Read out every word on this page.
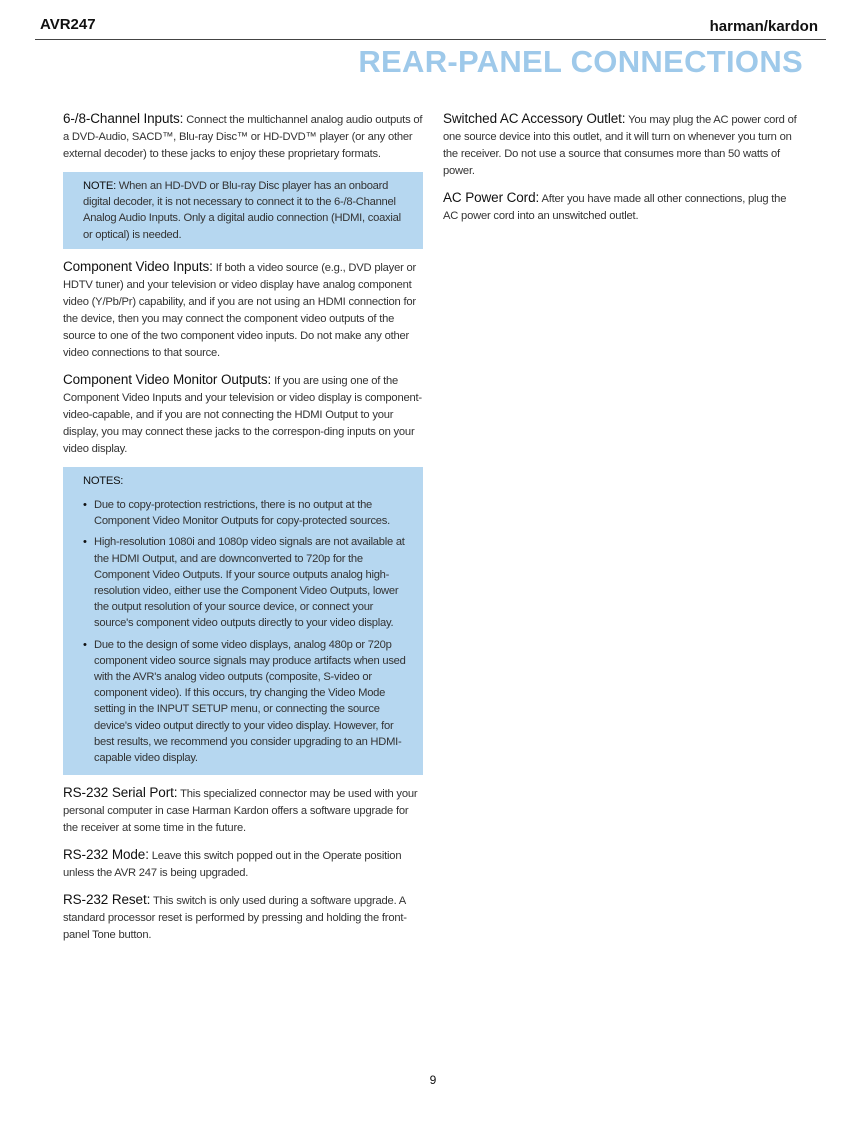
AVR247	harman/kardon
REAR-PANEL CONNECTIONS

6-/8-Channel Inputs: Connect the multichannel analog audio outputs of a DVD-Audio, SACD™, Blu-ray Disc™ or HD-DVD™ player (or any other external decoder) to these jacks to enjoy these proprietary formats.

NOTE: When an HD-DVD or Blu-ray Disc player has an onboard digital decoder, it is not necessary to connect it to the 6-/8-Channel Analog Audio Inputs. Only a digital audio connection (HDMI, coaxial or optical) is needed.

Component Video Inputs: If both a video source (e.g., DVD player or HDTV tuner) and your television or video display have analog component video (Y/Pb/Pr) capability, and if you are not using an HDMI connection for the device, then you may connect the component video outputs of the source to one of the two component video inputs. Do not make any other video connections to that source.

Component Video Monitor Outputs: If you are using one of the Component Video Inputs and your television or video display is component-video-capable, and if you are not connecting the HDMI Output to your display, you may connect these jacks to the correspon-ding inputs on your video display.

NOTES:
• Due to copy-protection restrictions, there is no output at the Component Video Monitor Outputs for copy-protected sources.
• High-resolution 1080i and 1080p video signals are not available at the HDMI Output, and are downconverted to 720p for the Component Video Outputs. If your source outputs analog high-resolution video, either use the Component Video Outputs, lower the output resolution of your source device, or connect your source's component video outputs directly to your video display.
• Due to the design of some video displays, analog 480p or 720p component video source signals may produce artifacts when used with the AVR's analog video outputs (composite, S-video or component video). If this occurs, try changing the Video Mode setting in the INPUT SETUP menu, or connecting the source device's video output directly to your video display. However, for best results, we recommend you consider upgrading to an HDMI-capable video display.

RS-232 Serial Port: This specialized connector may be used with your personal computer in case Harman Kardon offers a software upgrade for the receiver at some time in the future.

RS-232 Mode: Leave this switch popped out in the Operate position unless the AVR 247 is being upgraded.

RS-232 Reset: This switch is only used during a software upgrade. A standard processor reset is performed by pressing and holding the front-panel Tone button.

Switched AC Accessory Outlet: You may plug the AC power cord of one source device into this outlet, and it will turn on whenever you turn on the receiver. Do not use a source that consumes more than 50 watts of power.

AC Power Cord: After you have made all other connections, plug the AC power cord into an unswitched outlet.

9
